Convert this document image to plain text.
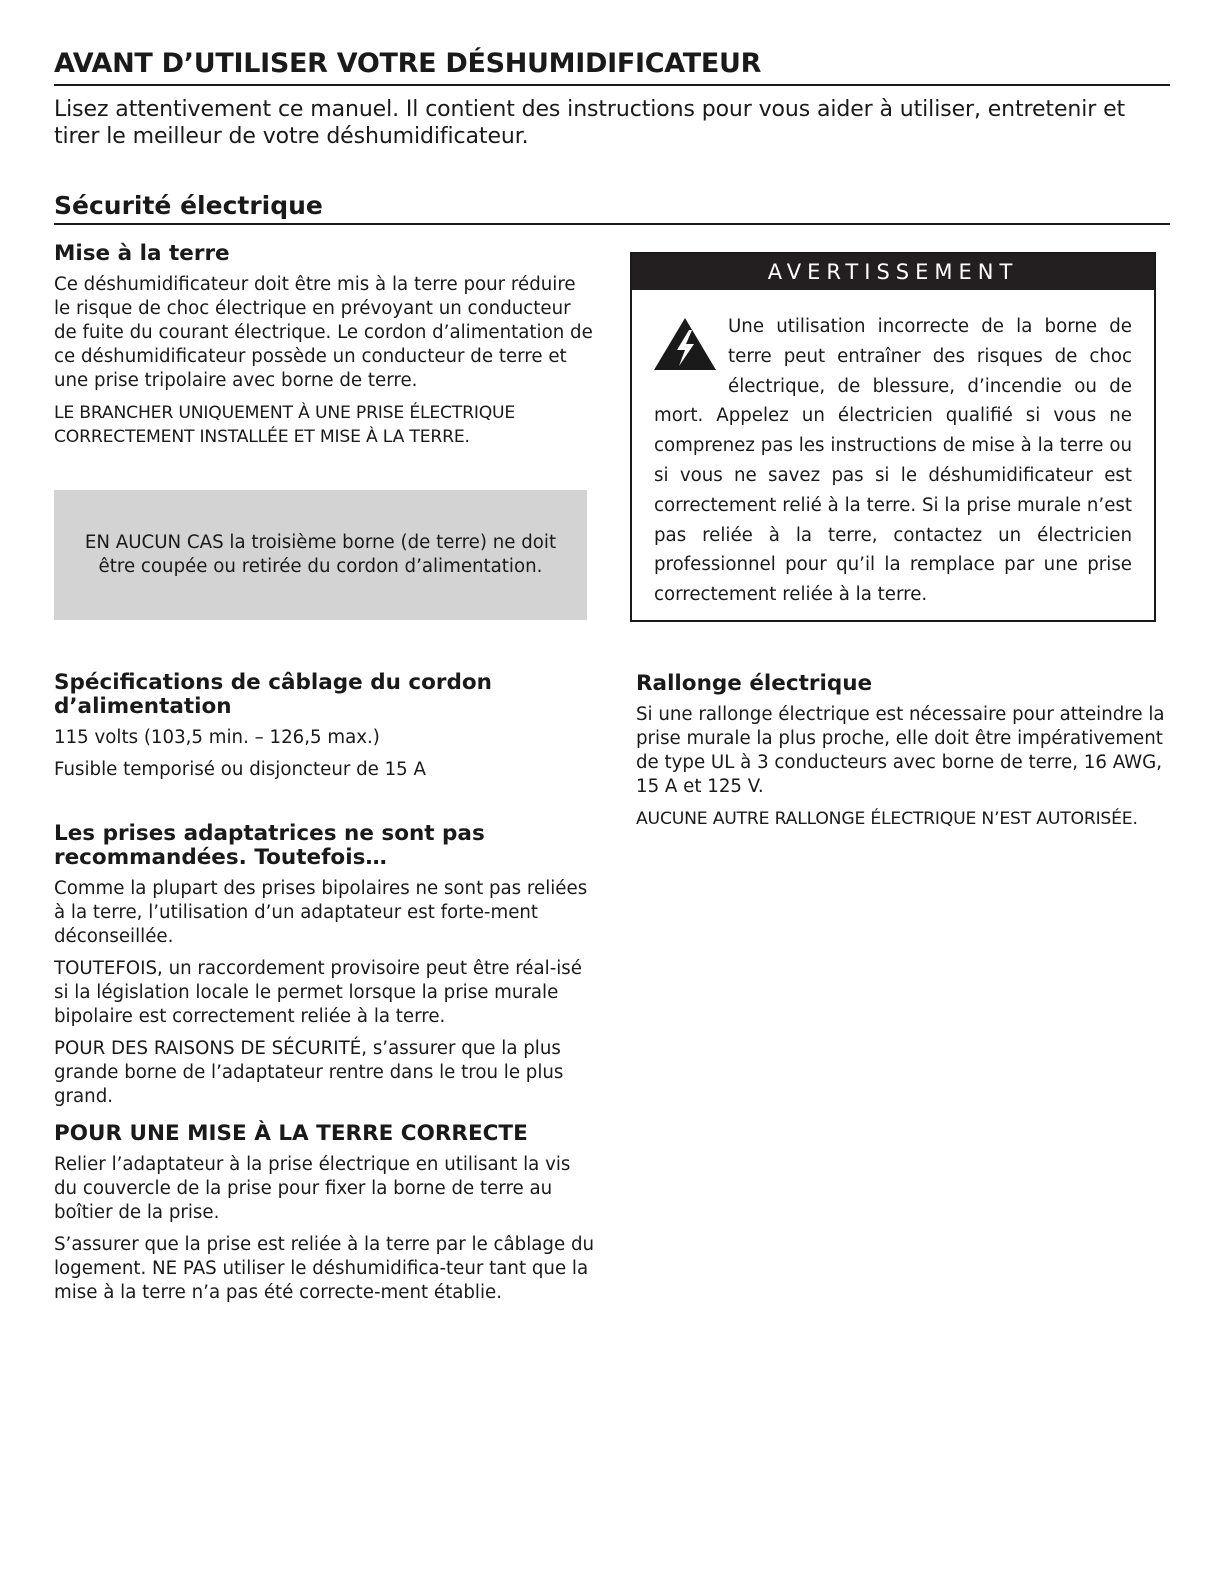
AVANT D’UTILISER VOTRE DÉSHUMIDIFICATEUR

Lisez attentivement ce manuel. Il contient des instructions pour vous aider à utiliser, entretenir et tirer le meilleur de votre déshumidificateur.

Sécurité électrique
Mise à la terre

Ce déshumidificateur doit être mis à la terre pour réduire le risque de choc électrique en prévoyant un conducteur de fuite du courant électrique. Le cordon d’alimentation de ce déshumidificateur possède un conducteur de terre et une prise tripolaire avec borne de terre.

LE BRANCHER UNIQUEMENT À UNE PRISE ÉLECTRIQUE CORRECTEMENT INSTALLÉE ET MISE À LA TERRE.

EN AUCUN CAS la troisième borne (de terre) ne doit être coupée ou retirée du cordon d’alimentation.
AVERTISSEMENT
Une utilisation incorrecte de la borne de terre peut entraîner des risques de choc électrique, de blessure, d’incendie ou de mort. Appelez un électricien qualifié si vous ne comprenez pas les instructions de mise à la terre ou si vous ne savez pas si le déshumidificateur est correctement relié à la terre. Si la prise murale n’est pas reliée à la terre, contactez un électricien professionnel pour qu’il la remplace par une prise correctement reliée à la terre.
Spécifications de câblage du cordon d’alimentation

115 volts (103,5 min. – 126,5 max.)

Fusible temporisé ou disjoncteur de 15 A

Les prises adaptatrices ne sont pas recommandées. Toutefois…

Comme la plupart des prises bipolaires ne sont pas reliées à la terre, l’utilisation d’un adaptateur est forte-ment déconseillée.

TOUTEFOIS, un raccordement provisoire peut être réal-isé si la législation locale le permet lorsque la prise murale bipolaire est correctement reliée à la terre.

POUR DES RAISONS DE SÉCURITÉ, s’assurer que la plus grande borne de l’adaptateur rentre dans le trou le plus grand.

POUR UNE MISE À LA TERRE CORRECTE

Relier l’adaptateur à la prise électrique en utilisant la vis du couvercle de la prise pour fixer la borne de terre au boîtier de la prise.

S’assurer que la prise est reliée à la terre par le câblage du logement. NE PAS utiliser le déshumidifica-teur tant que la mise à la terre n’a pas été correcte-ment établie.

Rallonge électrique

Si une rallonge électrique est nécessaire pour atteindre la prise murale la plus proche, elle doit être impérativement de type UL à 3 conducteurs avec borne de terre, 16 AWG, 15 A et 125 V.

AUCUNE AUTRE RALLONGE ÉLECTRIQUE N’EST AUTORISÉE.
